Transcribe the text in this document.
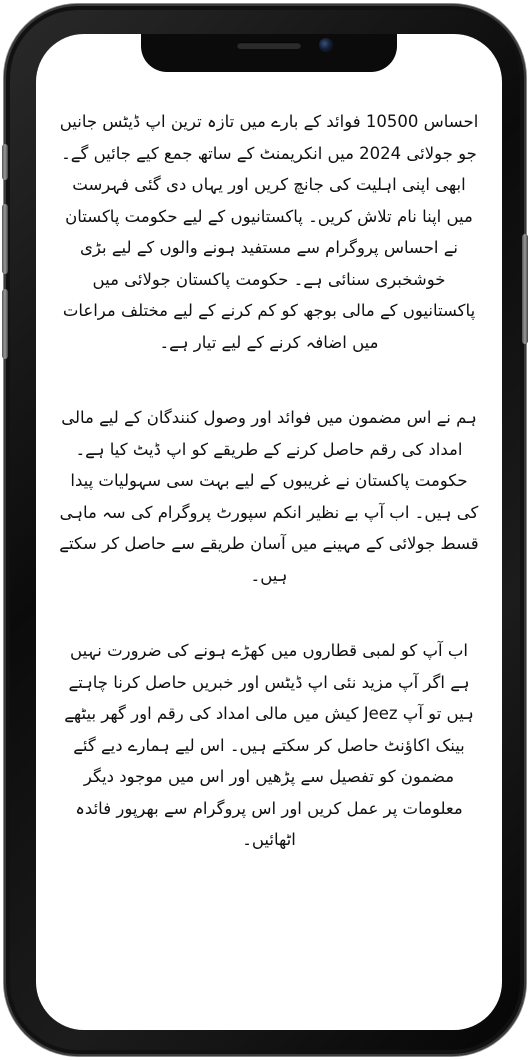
احساس 10500 فوائد کے بارے میں تازہ ترین اپ ڈیٹس جانیں جو جولائی 2024 میں انکریمنٹ کے ساتھ جمع کیے جائیں گے۔ ابھی اپنی اہلیت کی جانچ کریں اور یہاں دی گئی فہرست میں اپنا نام تلاش کریں۔ پاکستانیوں کے لیے حکومت پاکستان نے احساس پروگرام سے مستفید ہونے والوں کے لیے بڑی خوشخبری سنائی ہے۔ حکومت پاکستان جولائی میں پاکستانیوں کے مالی بوجھ کو کم کرنے کے لیے مختلف مراعات میں اضافہ کرنے کے لیے تیار ہے۔

ہم نے اس مضمون میں فوائد اور وصول کنندگان کے لیے مالی امداد کی رقم حاصل کرنے کے طریقے کو اپ ڈیٹ کیا ہے۔ حکومت پاکستان نے غریبوں کے لیے بہت سی سہولیات پیدا کی ہیں۔ اب آپ بے نظیر انکم سپورٹ پروگرام کی سہ ماہی قسط جولائی کے مہینے میں آسان طریقے سے حاصل کر سکتے ہیں۔

اب آپ کو لمبی قطاروں میں کھڑے ہونے کی ضرورت نہیں ہے اگر آپ مزید نئی اپ ڈیٹس اور خبریں حاصل کرنا چاہتے ہیں تو آپ Jeez کیش میں مالی امداد کی رقم اور گھر بیٹھے بینک اکاؤنٹ حاصل کر سکتے ہیں۔ اس لیے ہمارے دیے گئے مضمون کو تفصیل سے پڑھیں اور اس میں موجود دیگر معلومات پر عمل کریں اور اس پروگرام سے بھرپور فائدہ اٹھائیں۔
